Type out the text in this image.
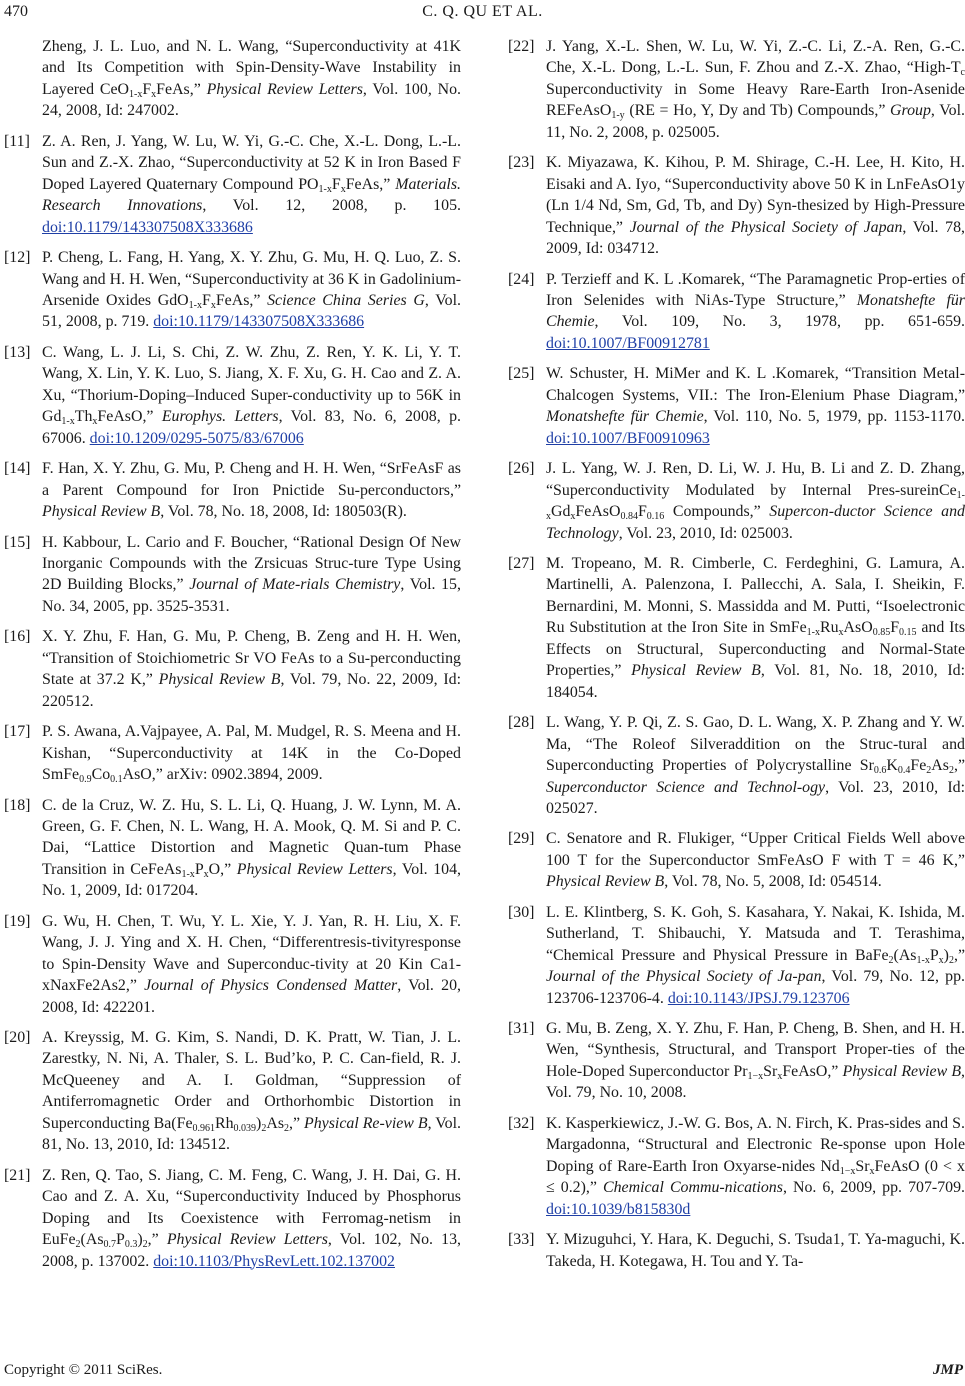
470	C. Q. QU ET AL.
Zheng, J. L. Luo, and N. L. Wang, “Superconductivity at 41K and Its Competition with Spin-Density-Wave Instability in Layered $CeO_{1-x}F_xFeAs$,” Physical Review Letters, Vol. 100, No. 24, 2008, Id: 247002.
[11] Z. A. Ren, J. Yang, W. Lu, W. Yi, G.-C. Che, X.-L. Dong, L.-L. Sun and Z.-X. Zhao, “Superconductivity at 52 K in Iron Based F Doped Layered Quaternary Compound $PO_{1-x}F_xFeAs$,” Materials. Research Innovations, Vol. 12, 2008, p. 105. doi:10.1179/143307508X333686
[12] P. Cheng, L. Fang, H. Yang, X. Y. Zhu, G. Mu, H. Q. Luo, Z. S. Wang and H. H. Wen, “Superconductivity at 36 K in Gadolinium-Arsenide Oxides $GdO_{1-x}F_xFeAs$,” Science China Series G, Vol. 51, 2008, p. 719. doi:10.1179/143307508X333686
[13] C. Wang, L. J. Li, S. Chi, Z. W. Zhu, Z. Ren, Y. K. Li, Y. T. Wang, X. Lin, Y. K. Luo, S. Jiang, X. F. Xu, G. H. Cao and Z. A. Xu, “Thorium-Doping–Induced Super-conductivity up to 56K in $Gd_{1-x}Th_xFeAsO$,” Europhys. Letters, Vol. 83, No. 6, 2008, p. 67006. doi:10.1209/0295-5075/83/67006
[14] F. Han, X. Y. Zhu, G. Mu, P. Cheng and H. H. Wen, “SrFeAsF as a Parent Compound for Iron Pnictide Su-perconductors,” Physical Review B, Vol. 78, No. 18, 2008, Id: 180503(R).
[15] H. Kabbour, L. Cario and F. Boucher, “Rational Design Of New Inorganic Compounds with the Zrsicuas Struc-ture Type Using 2D Building Blocks,” Journal of Mate-rials Chemistry, Vol. 15, No. 34, 2005, pp. 3525-3531.
[16] X. Y. Zhu, F. Han, G. Mu, P. Cheng, B. Zeng and H. H. Wen, “Transition of Stoichiometric Sr VO FeAs to a Su-perconducting State at 37.2 K,” Physical Review B, Vol. 79, No. 22, 2009, Id: 220512.
[17] P. S. Awana, A.Vajpayee, A. Pal, M. Mudgel, R. S. Meena and H. Kishan, “Superconductivity at 14K in the Co-Doped $SmFe_{0.9}Co_{0.1}AsO$,” arXiv: 0902.3894, 2009.
[18] C. de la Cruz, W. Z. Hu, S. L. Li, Q. Huang, J. W. Lynn, M. A. Green, G. F. Chen, N. L. Wang, H. A. Mook, Q. M. Si and P. C. Dai, “Lattice Distortion and Magnetic Quan-tum Phase Transition in $CeFeAs_{1-x}P_xO$,” Physical Review Letters, Vol. 104, No. 1, 2009, Id: 017204.
[19] G. Wu, H. Chen, T. Wu, Y. L. Xie, Y. J. Yan, R. H. Liu, X. F. Wang, J. J. Ying and X. H. Chen, “Differentresis-tivityresponse to Spin-Density Wave and Superconduc-tivity at 20 Kin Ca1-xNaxFe2As2,” Journal of Physics Condensed Matter, Vol. 20, 2008, Id: 422201.
[20] A. Kreyssig, M. G. Kim, S. Nandi, D. K. Pratt, W. Tian, J. L. Zarestky, N. Ni, A. Thaler, S. L. Bud’ko, P. C. Can-field, R. J. McQueeney and A. I. Goldman, “Suppression of Antiferromagnetic Order and Orthorhombic Distortion in Superconducting $Ba(Fe_{0.961}Rh_{0.039})_2As_2$,” Physical Re-view B, Vol. 81, No. 13, 2010, Id: 134512.
[21] Z. Ren, Q. Tao, S. Jiang, C. M. Feng, C. Wang, J. H. Dai, G. H. Cao and Z. A. Xu, “Superconductivity Induced by Phosphorus Doping and Its Coexistence with Ferromag-netism in $EuFe_2(As_{0.7}P_{0.3})_2$,” Physical Review Letters, Vol. 102, No. 13, 2008, p. 137002. doi:10.1103/PhysRevLett.102.137002
[22] J. Yang, X.-L. Shen, W. Lu, W. Yi, Z.-C. Li, Z.-A. Ren, G.-C. Che, X.-L. Dong, L.-L. Sun, F. Zhou and Z.-X. Zhao, “$High-T_c$ Superconductivity in Some Heavy Rare-Earth Iron-Asenide REFeAsO$_{1-y}$ (RE = Ho, Y, Dy and Tb) Compounds,” Group, Vol. 11, No. 2, 2008, p. 025005.
[23] K. Miyazawa, K. Kihou, P. M. Shirage, C.-H. Lee, H. Kito, H. Eisaki and A. Iyo, “Superconductivity above 50 K in LnFeAsO1y (Ln 1/4 Nd, Sm, Gd, Tb, and Dy) Syn-thesized by High-Pressure Technique,” Journal of the Physical Society of Japan, Vol. 78, 2009, Id: 034712.
[24] P. Terzieff and K. L .Komarek, “The Paramagnetic Prop-erties of Iron Selenides with NiAs-Type Structure,” Monatshefte für Chemie, Vol. 109, No. 3, 1978, pp. 651-659. doi:10.1007/BF00912781
[25] W. Schuster, H. MiMer and K. L .Komarek, “Transition Metal-Chalcogen Systems, VII.: The Iron-Elenium Phase Diagram,” Monatshefte für Chemie, Vol. 110, No. 5, 1979, pp. 1153-1170. doi:10.1007/BF00910963
[26] J. L. Yang, W. J. Ren, D. Li, W. J. Hu, B. Li and Z. D. Zhang, “Superconductivity Modulated by Internal Pres-$sureinCe_{1-x}Gd_xFeAsO_{0.84}F_{0.16}$ Compounds,” Supercon-ductor Science and Technology, Vol. 23, 2010, Id: 025003.
[27] M. Tropeano, M. R. Cimberle, C. Ferdeghini, G. Lamura, A. Martinelli, A. Palenzona, I. Pallecchi, A. Sala, I. Sheikin, F. Bernardini, M. Monni, S. Massidda and M. Putti, “Isoelectronic Ru Substitution at the Iron Site in $SmFe_{1-x}Ru_xAsO_{0.85}F_{0.15}$ and Its Effects on Structural, Superconducting and Normal-State Properties,” Physical Review B, Vol. 81, No. 18, 2010, Id: 184054.
[28] L. Wang, Y. P. Qi, Z. S. Gao, D. L. Wang, X. P. Zhang and Y. W. Ma, “The Roleof Silveraddition on the Struc-tural and Superconducting Properties of Polycrystalline $Sr_{0.6}K_{0.4}Fe_2As_2$,” Superconductor Science and Technol-ogy, Vol. 23, 2010, Id: 025027.
[29] C. Senatore and R. Flukiger, “Upper Critical Fields Well above 100 T for the Superconductor SmFeAsO F with T = 46 K,” Physical Review B, Vol. 78, No. 5, 2008, Id: 054514.
[30] L. E. Klintberg, S. K. Goh, S. Kasahara, Y. Nakai, K. Ishida, M. Sutherland, T. Shibauchi, Y. Matsuda and T. Terashima, “Chemical Pressure and Physical Pressure in $BaFe_2(As_{1-x}P_x)_2$,” Journal of the Physical Society of Ja-pan, Vol. 79, No. 12, pp. 123706-123706-4. doi:10.1143/JPSJ.79.123706
[31] G. Mu, B. Zeng, X. Y. Zhu, F. Han, P. Cheng, B. Shen, and H. H. Wen, “Synthesis, Structural, and Transport Proper-ties of the Hole-Doped Superconductor $Pr_{1-x}Sr_xFeAsO$,” Physical Review B, Vol. 79, No. 10, 2008.
[32] K. Kasperkiewicz, J.-W. G. Bos, A. N. Firch, K. Pras-sides and S. Margadonna, “Structural and Electronic Re-sponse upon Hole Doping of Rare-Earth Iron Oxyarse-nides $Nd_{1-x}Sr_xFeAsO$ (0 < x ≤ 0.2),” Chemical Commu-nications, No. 6, 2009, pp. 707-709. doi:10.1039/b815830d
[33] Y. Mizuguhci, Y. Hara, K. Deguchi, S. Tsuda1, T. Ya-maguchi, K. Takeda, H. Kotegawa, H. Tou and Y. Ta-
Copyright © 2011 SciRes.	JMP
